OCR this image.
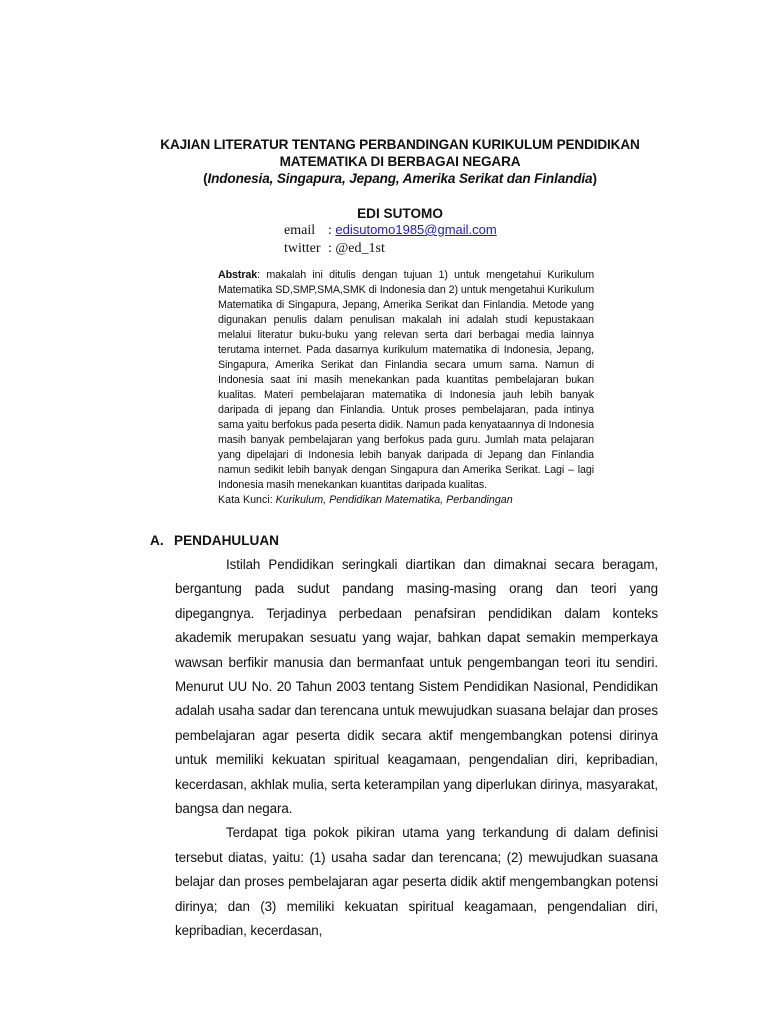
KAJIAN LITERATUR TENTANG PERBANDINGAN KURIKULUM PENDIDIKAN
MATEMATIKA DI BERBAGAI NEGARA
(Indonesia, Singapura, Jepang, Amerika Serikat dan Finlandia)
EDI SUTOMO
email : edisutomo1985@gmail.com
twitter : @ed_1st
Abstrak: makalah ini ditulis dengan tujuan 1) untuk mengetahui Kurikulum Matematika SD,SMP,SMA,SMK di Indonesia dan 2) untuk mengetahui Kurikulum Matematika di Singapura, Jepang, Amerika Serikat dan Finlandia. Metode yang digunakan penulis dalam penulisan makalah ini adalah studi kepustakaan melalui literatur buku-buku yang relevan serta dari berbagai media lainnya terutama internet. Pada dasarnya kurikulum matematika di Indonesia, Jepang, Singapura, Amerika Serikat dan Finlandia secara umum sama. Namun di Indonesia saat ini masih menekankan pada kuantitas pembelajaran bukan kualitas. Materi pembelajaran matematika di Indonesia jauh lebih banyak daripada di jepang dan Finlandia. Untuk proses pembelajaran, pada intinya sama yaitu berfokus pada peserta didik. Namun pada kenyataannya di Indonesia masih banyak pembelajaran yang berfokus pada guru. Jumlah mata pelajaran yang dipelajari di Indonesia lebih banyak daripada di Jepang dan Finlandia namun sedikit lebih banyak dengan Singapura dan Amerika Serikat. Lagi – lagi Indonesia masih menekankan kuantitas daripada kualitas.
Kata Kunci: Kurikulum, Pendidikan Matematika, Perbandingan
A. PENDAHULUAN

Istilah Pendidikan seringkali diartikan dan dimaknai secara beragam, bergantung pada sudut pandang masing-masing orang dan teori yang dipegangnya. Terjadinya perbedaan penafsiran pendidikan dalam konteks akademik merupakan sesuatu yang wajar, bahkan dapat semakin memperkaya wawsan berfikir manusia dan bermanfaat untuk pengembangan teori itu sendiri. Menurut UU No. 20 Tahun 2003 tentang Sistem Pendidikan Nasional, Pendidikan adalah usaha sadar dan terencana untuk mewujudkan suasana belajar dan proses pembelajaran agar peserta didik secara aktif mengembangkan potensi dirinya untuk memiliki kekuatan spiritual keagamaan, pengendalian diri, kepribadian, kecerdasan, akhlak mulia, serta keterampilan yang diperlukan dirinya, masyarakat, bangsa dan negara.

Terdapat tiga pokok pikiran utama yang terkandung di dalam definisi tersebut diatas, yaitu: (1) usaha sadar dan terencana; (2) mewujudkan suasana belajar dan proses pembelajaran agar peserta didik aktif mengembangkan potensi dirinya; dan (3) memiliki kekuatan spiritual keagamaan, pengendalian diri, kepribadian, kecerdasan,
